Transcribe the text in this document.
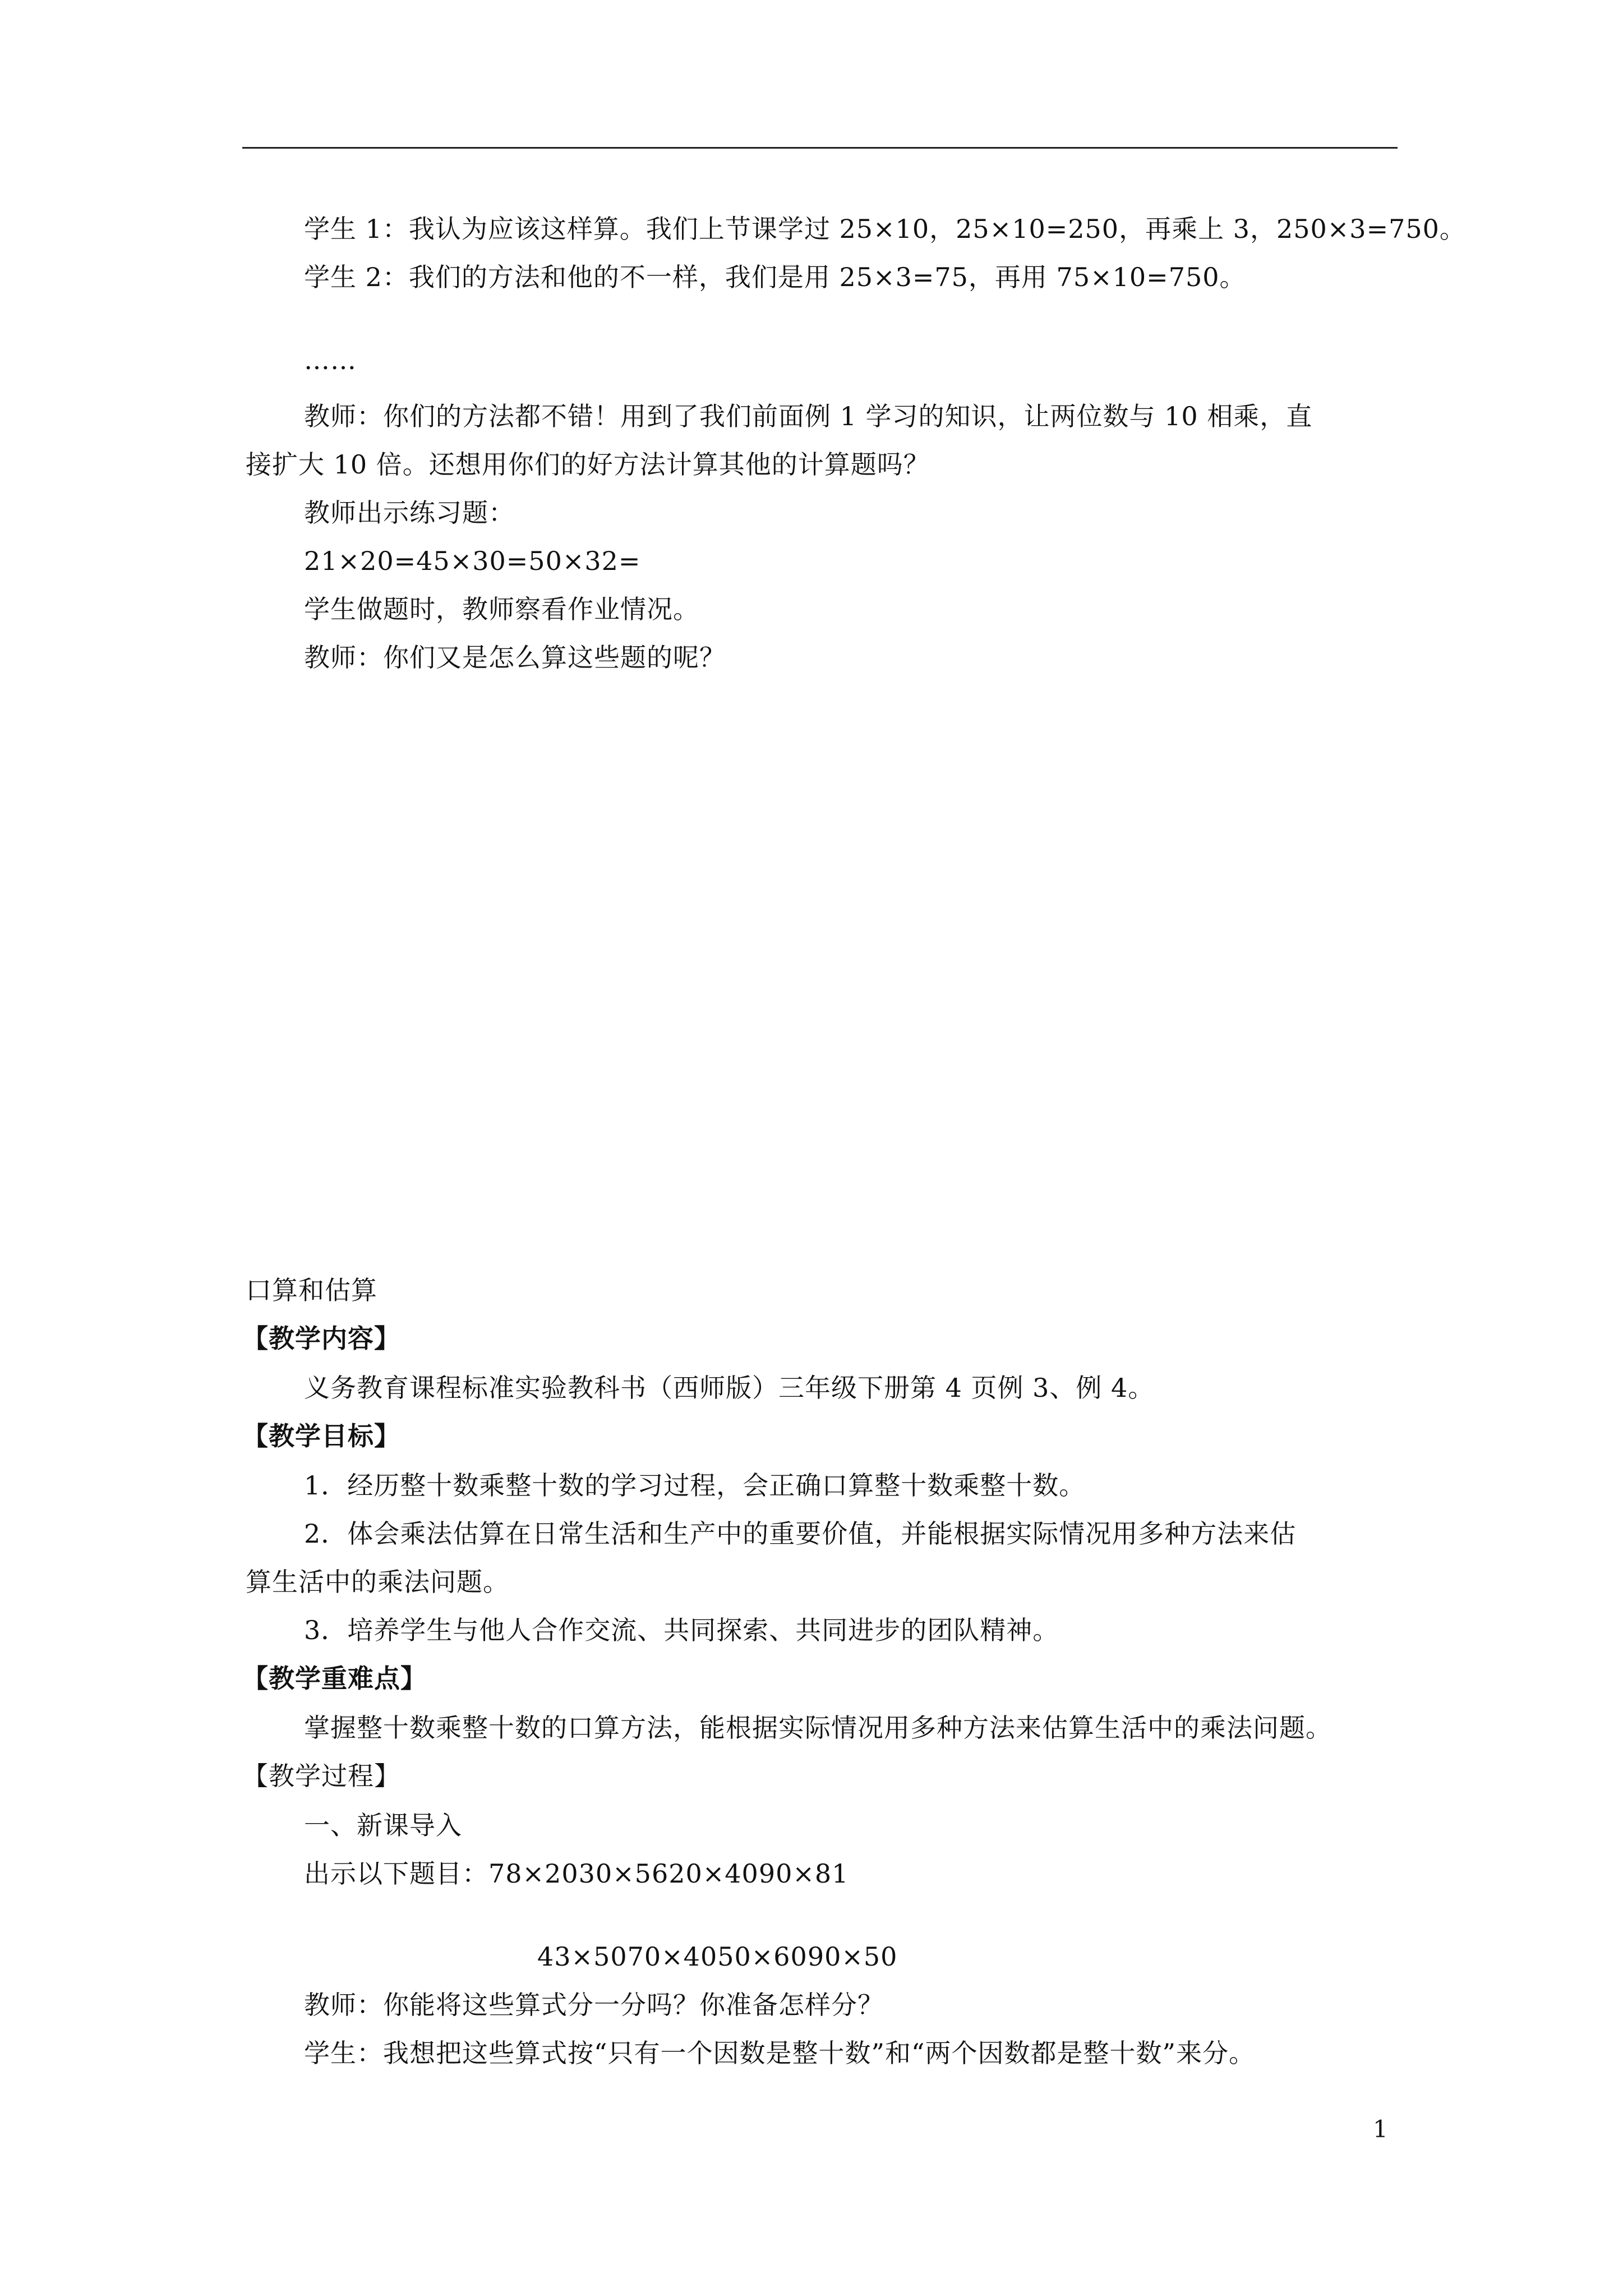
学生 1：我认为应该这样算。我们上节课学过 25×10，25×10=250，再乘上 3，250×3=750。
学生 2：我们的方法和他的不一样，我们是用 25×3=75，再用 75×10=750。
……
教师：你们的方法都不错！用到了我们前面例 1 学习的知识，让两位数与 10 相乘，直
接扩大 10 倍。还想用你们的好方法计算其他的计算题吗？
教师出示练习题：
21×20=45×30=50×32=
学生做题时，教师察看作业情况。
教师：你们又是怎么算这些题的呢？
口算和估算
【教学内容】
义务教育课程标准实验教科书（西师版）三年级下册第 4 页例 3、例 4。
【教学目标】
1．经历整十数乘整十数的学习过程，会正确口算整十数乘整十数。
2．体会乘法估算在日常生活和生产中的重要价值，并能根据实际情况用多种方法来估
算生活中的乘法问题。
3．培养学生与他人合作交流、共同探索、共同进步的团队精神。
【教学重难点】
掌握整十数乘整十数的口算方法，能根据实际情况用多种方法来估算生活中的乘法问题。
【教学过程】
一、新课导入
出示以下题目：78×2030×5620×4090×81
43×5070×4050×6090×50
教师：你能将这些算式分一分吗？你准备怎样分？
学生：我想把这些算式按“只有一个因数是整十数”和“两个因数都是整十数”来分。
1
